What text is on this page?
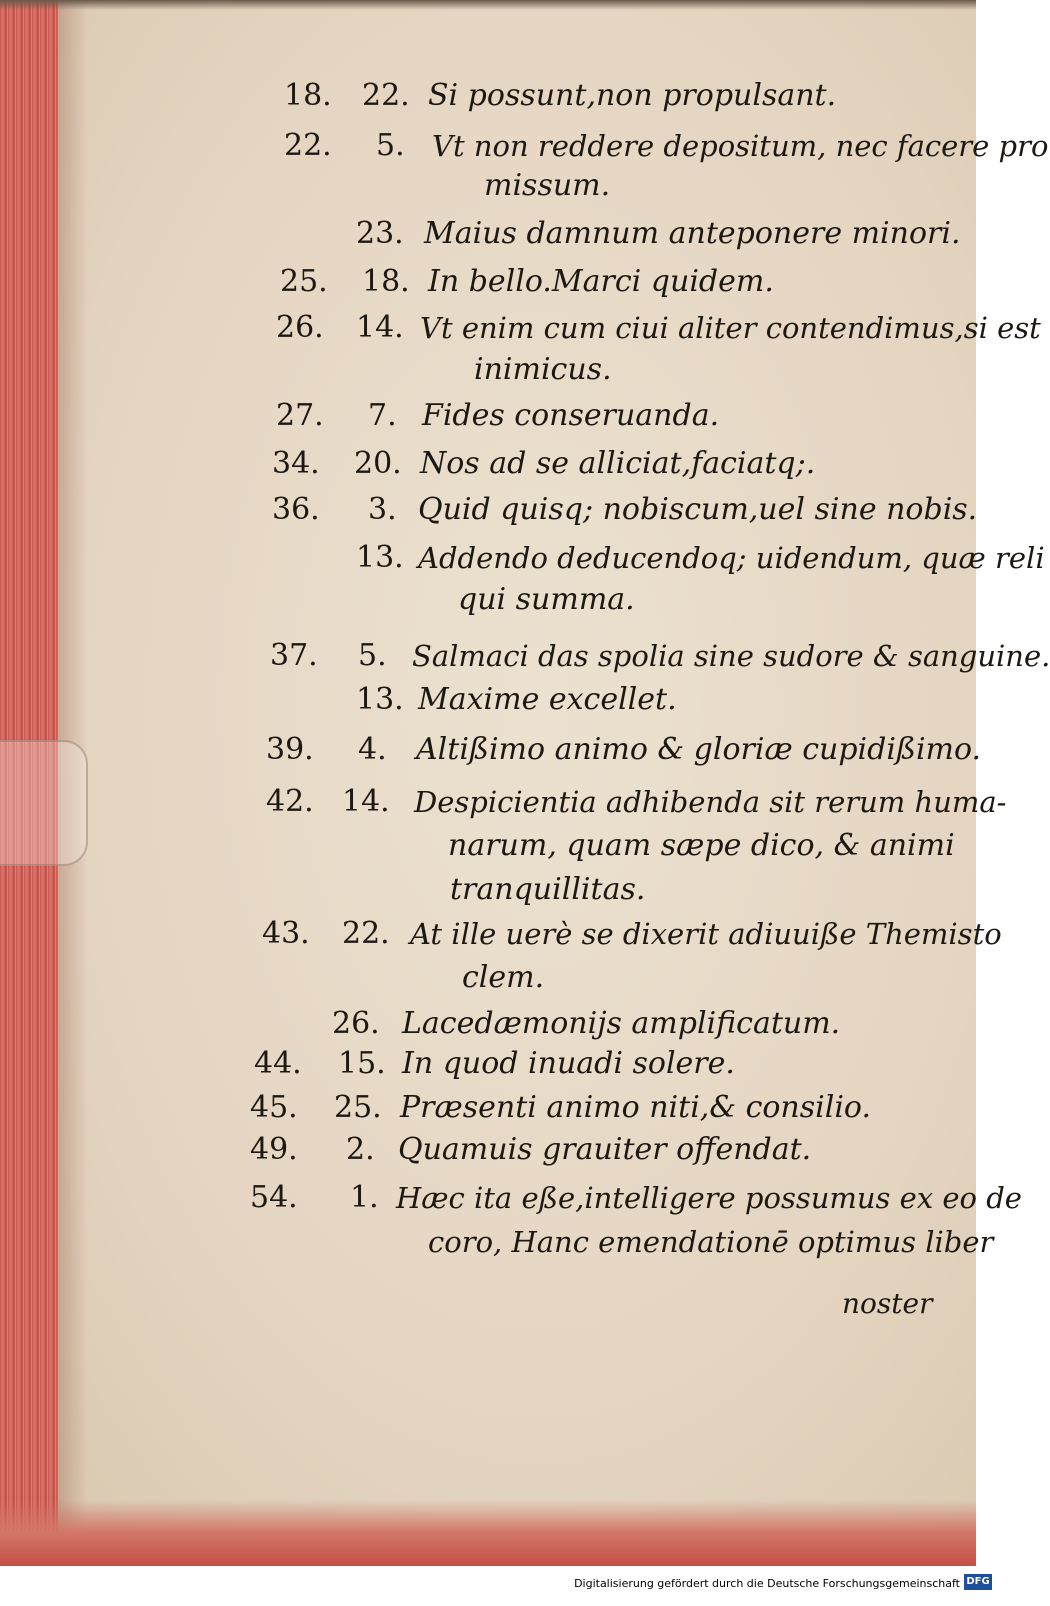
18. 22. Si possunt,non propulsant.
22. 5. Vt non reddere depositum, nec facere pro
missum.
23. Maius damnum anteponere minori.
25. 18. In bello.Marci quidem.
26. 14. Vt enim cum ciui aliter contendimus,si est
inimicus.
27. 7. Fides conseruanda.
34. 20. Nos ad se alliciat,faciatq;.
36. 3. Quid quisq; nobiscum,uel sine nobis.
13. Addendo deducendoq; uidendum, quæ reli
qui summa.
37. 5. Salmaci das spolia sine sudore & sanguine.
13. Maxime excellet.
39. 4. Altißimo animo & gloriæ cupidißimo.
42. 14. Despicientia adhibenda sit rerum huma-
narum, quam sæpe dico, & animi
tranquillitas.
43. 22. At ille uerè se dixerit adiuuiße Themisto
clem.
26. Lacedæmonijs amplificatum.
44. 15. In quod inuadi solere.
45. 25. Præsenti animo niti,& consilio.
49. 2. Quamuis grauiter offendat.
54. 1. Hæc ita eße,intelligere possumus ex eo de
coro, Hanc emendationē optimus liber
noster
Digitalisierung gefördert durch die Deutsche Forschungsgemeinschaft DFG
